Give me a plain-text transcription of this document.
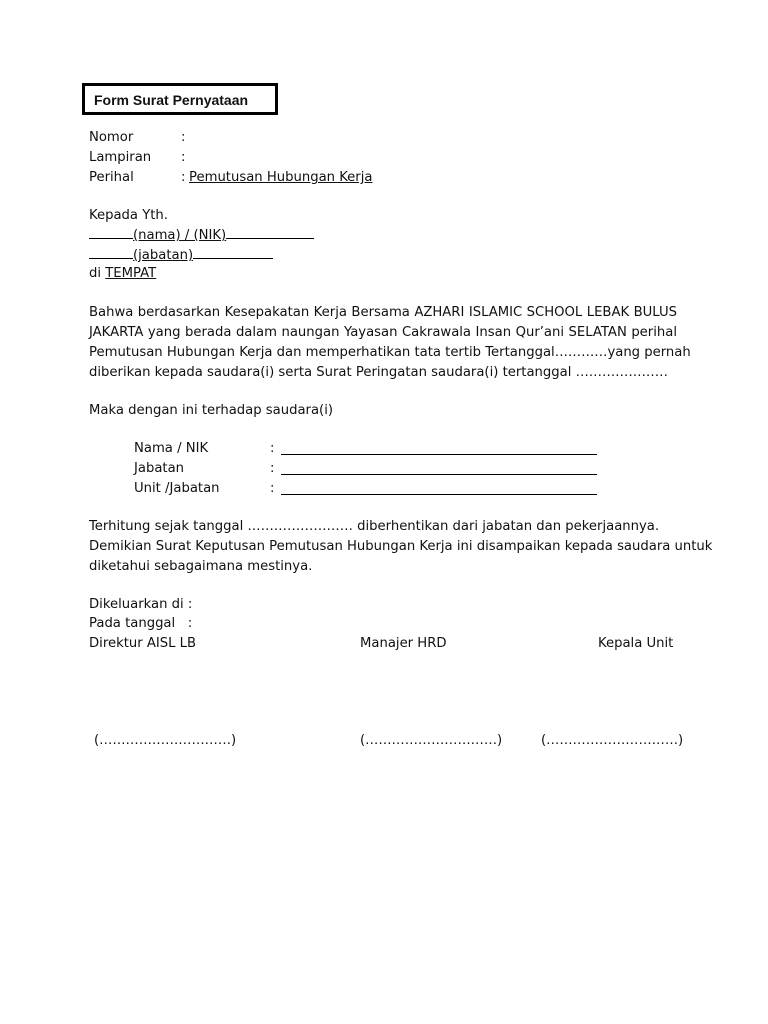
Form Surat Pernyataan
Nomor	:
Lampiran :
Perihal	: Pemutusan Hubungan Kerja
Kepada Yth.
(nama) / (NIK)
(jabatan)
di TEMPAT
Bahwa berdasarkan Kesepakatan Kerja Bersama AZHARI ISLAMIC SCHOOL LEBAK BULUS
JAKARTA yang berada dalam naungan Yayasan Cakrawala Insan Qur’ani SELATAN perihal
Pemutusan Hubungan Kerja dan memperhatikan tata tertib Tertanggal…………yang pernah
diberikan kepada saudara(i) serta Surat Peringatan saudara(i) tertanggal …………………
Maka dengan ini terhadap saudara(i)
Nama / NIK	:
Jabatan	:
Unit /Jabatan	:
Terhitung sejak tanggal …………………… diberhentikan dari jabatan dan pekerjaannya.
Demikian Surat Keputusan Pemutusan Hubungan Kerja ini disampaikan kepada saudara untuk
diketahui sebagaimana mestinya.
Dikeluarkan di :
Pada tanggal   :
Direktur AISL LB	Manajer HRD	Kepala Unit
(…………………………)	(…………………………)	(…………………………)
